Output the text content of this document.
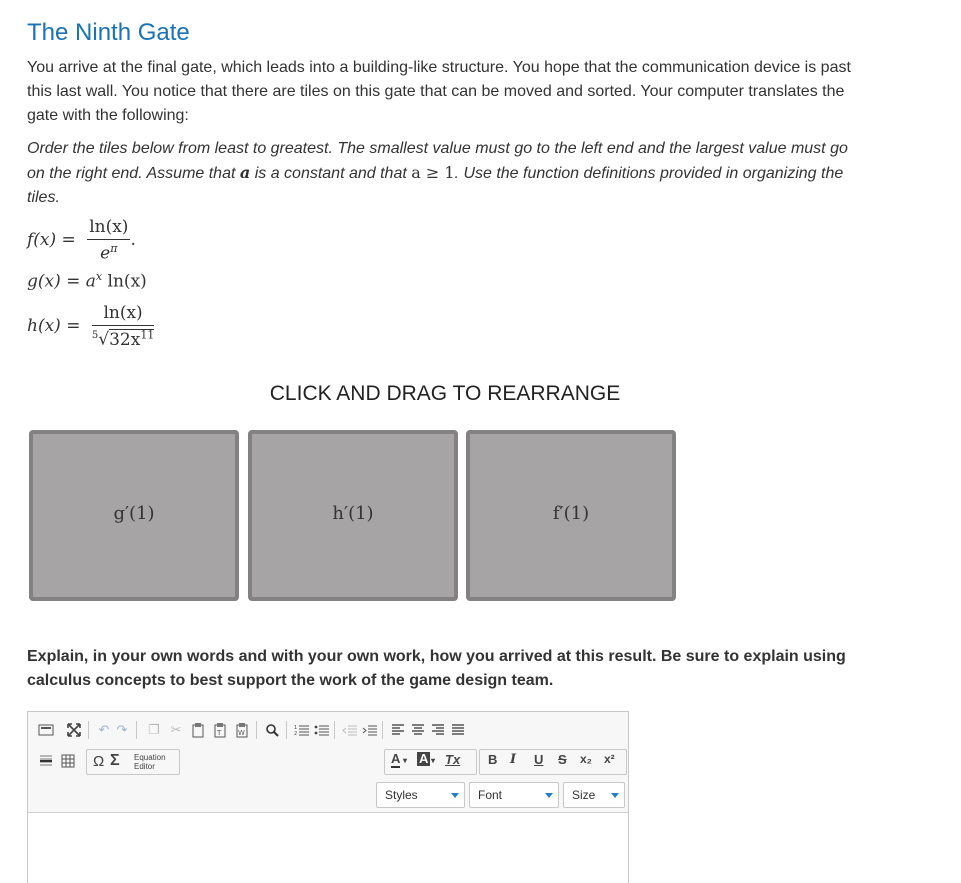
The Ninth Gate

You arrive at the final gate, which leads into a building-like structure. You hope that the communication device is past this last wall. You notice that there are tiles on this gate that can be moved and sorted. Your computer translates the gate with the following:

Order the tiles below from least to greatest. The smallest value must go to the left end and the largest value must go on the right end. Assume that a is a constant and that a ≥ 1. Use the function definitions provided in organizing the tiles.

$f(x) = \frac{\ln(x)}{e^\pi}$ .
$g(x) = a^x$ ln(x)
$h(x) = \frac{\ln(x)}{^5√32x^{11}}$
CLICK AND DRAG TO REARRANGE
g′(1)	h′(1)	f′(1)

Explain, in your own words and with your own work, how you arrived at this result. Be sure to explain using calculus concepts to best support the work of the game design team.

↶ ↷	❐ ✂	T W
1
2
Ω Σ Equation Editor
A ▾ A ▾ Tx B I U S x₂ x²
Styles	Font	Size
